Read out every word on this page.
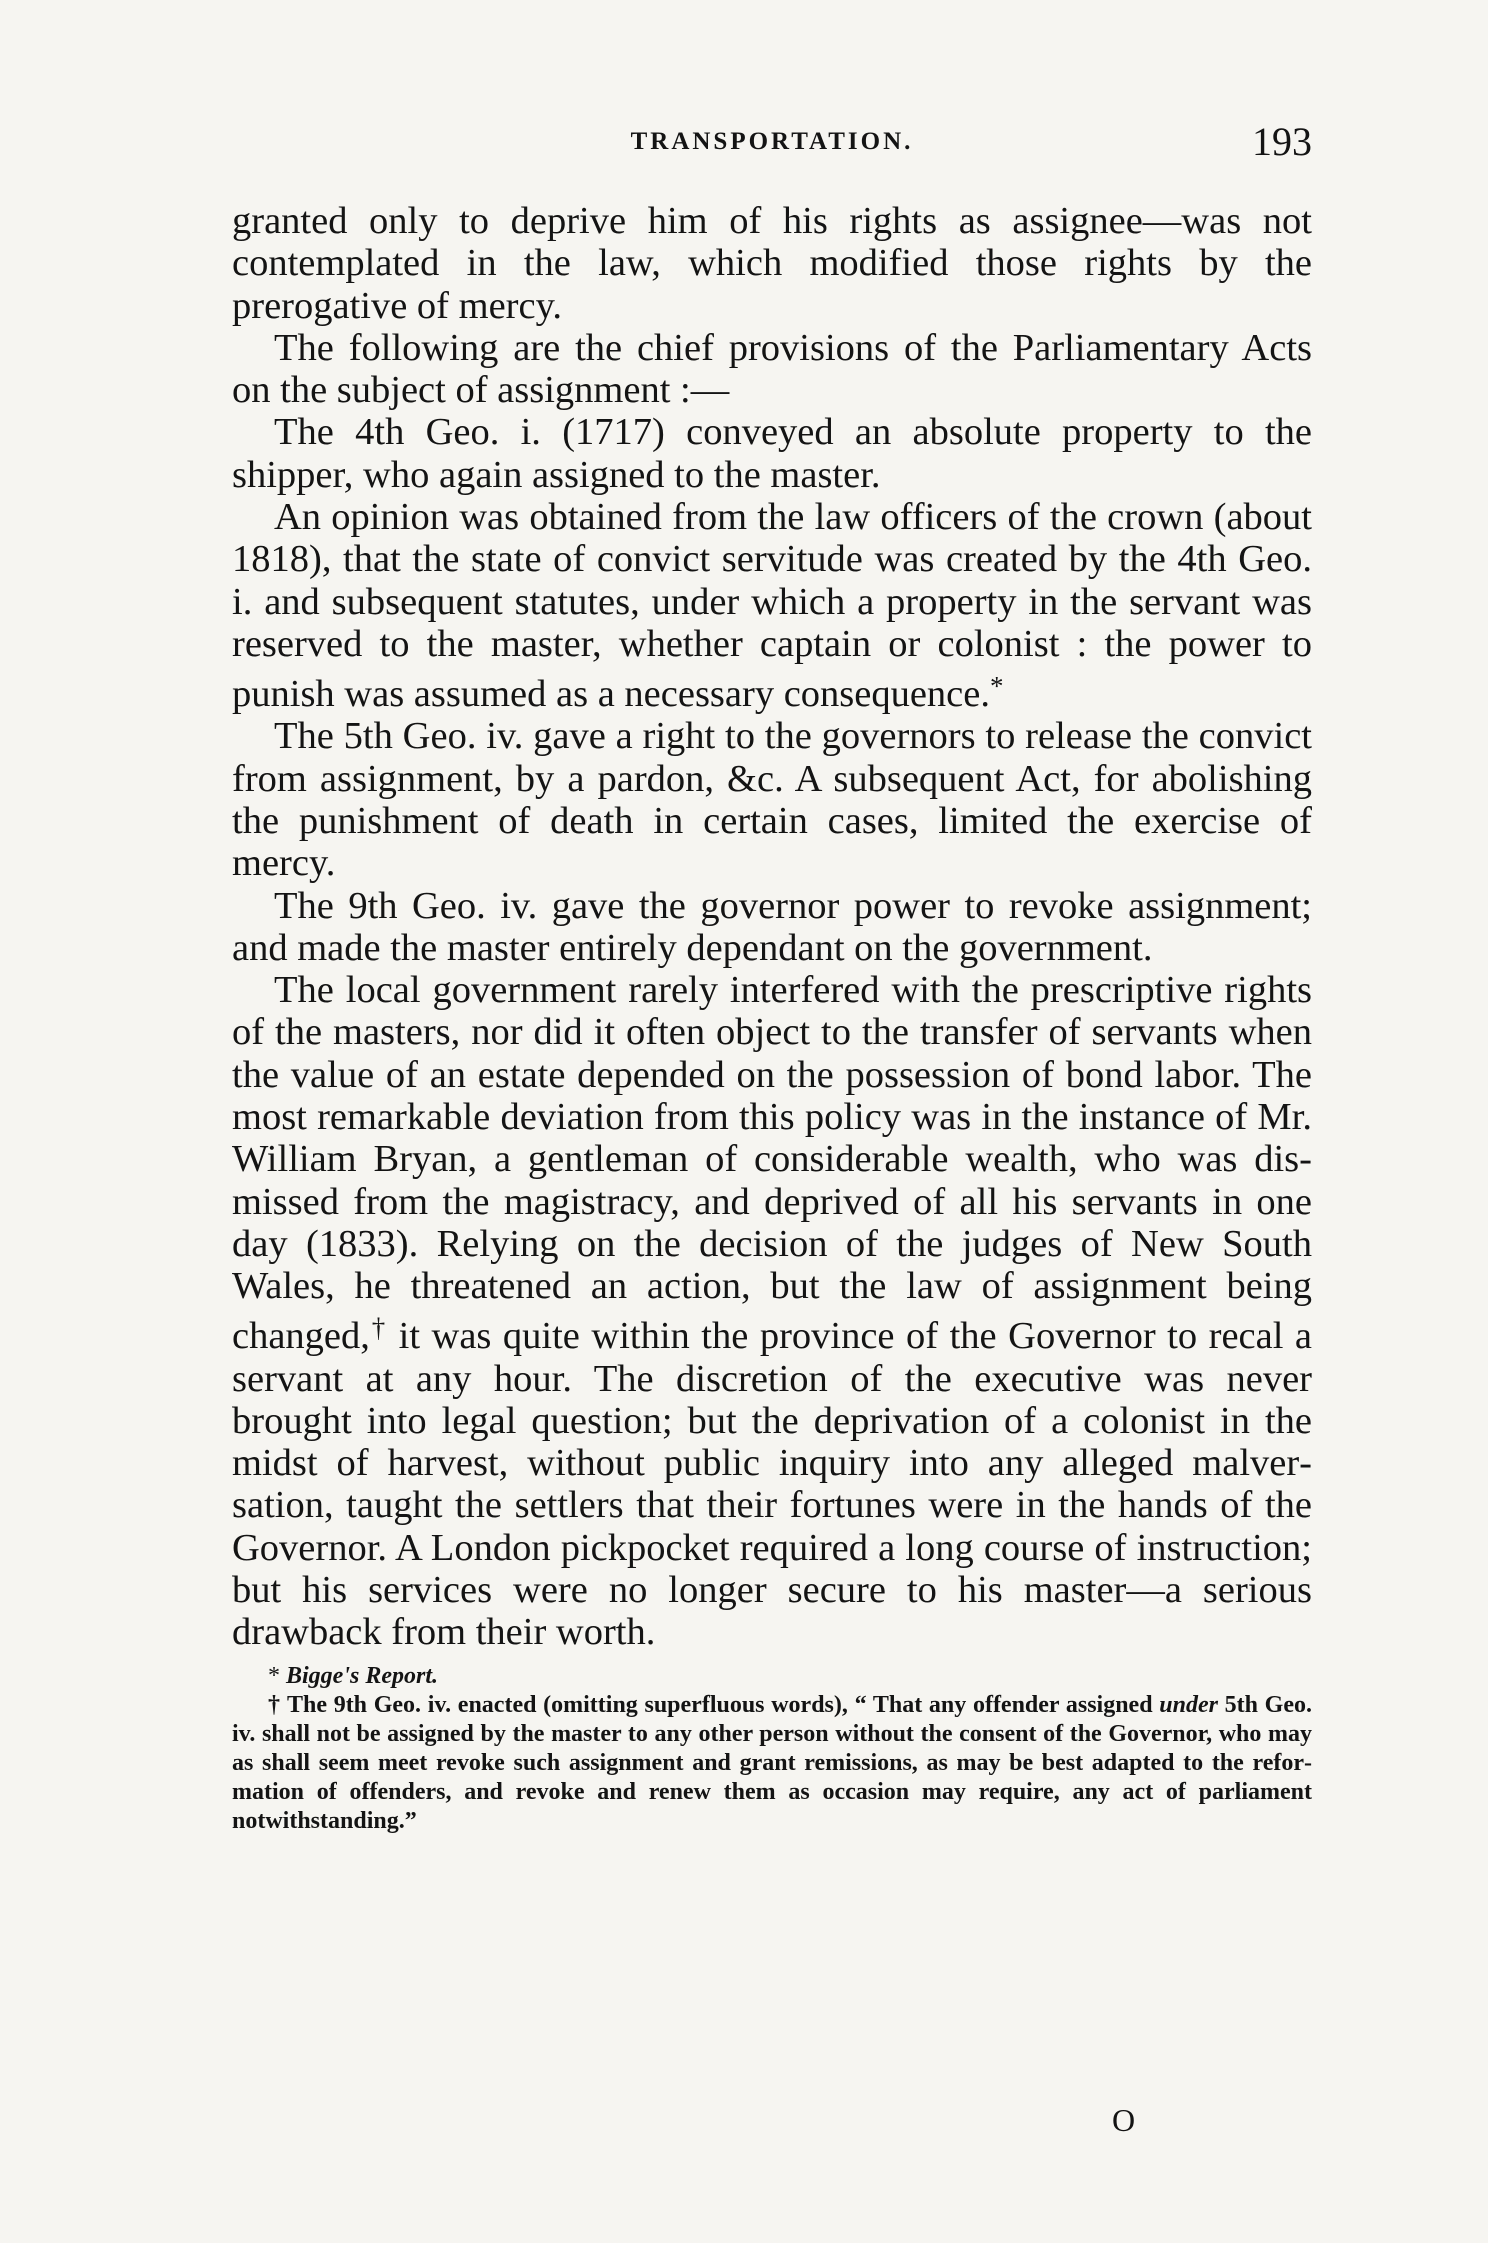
TRANSPORTATION.	193

granted only to deprive him of his rights as assignee—was not contemplated in the law, which modified those rights by the prerogative of mercy.

The following are the chief provisions of the Parliamentary Acts on the subject of assignment :—

The 4th Geo. i. (1717) conveyed an absolute property to the shipper, who again assigned to the master.

An opinion was obtained from the law officers of the crown (about 1818), that the state of convict servitude was created by the 4th Geo. i. and subsequent statutes, under which a property in the servant was reserved to the master, whether captain or colonist : the power to punish was assumed as a necessary consequence.*

The 5th Geo. iv. gave a right to the governors to release the convict from assignment, by a pardon, &c. A subsequent Act, for abolishing the punishment of death in certain cases, limited the exercise of mercy.

The 9th Geo. iv. gave the governor power to revoke assignment; and made the master entirely dependant on the government.

The local government rarely interfered with the prescriptive rights of the masters, nor did it often object to the transfer of servants when the value of an estate depended on the possession of bond labor. The most remarkable deviation from this policy was in the instance of Mr. William Bryan, a gentleman of considerable wealth, who was dismissed from the magistracy, and deprived of all his servants in one day (1833). Relying on the decision of the judges of New South Wales, he threatened an action, but the law of assignment being changed,† it was quite within the province of the Governor to recal a servant at any hour. The discretion of the executive was never brought into legal question; but the deprivation of a colonist in the midst of harvest, without public inquiry into any alleged malversation, taught the settlers that their fortunes were in the hands of the Governor. A London pickpocket required a long course of instruction; but his services were no longer secure to his master—a serious drawback from their worth.

* Bigge's Report.

† The 9th Geo. iv. enacted (omitting superfluous words), “ That any offender assigned under 5th Geo. iv. shall not be assigned by the master to any other person without the consent of the Governor, who may as shall seem meet revoke such assignment and grant remissions, as may be best adapted to the reformation of offenders, and revoke and renew them as occasion may require, any act of parliament notwithstanding.”

O
